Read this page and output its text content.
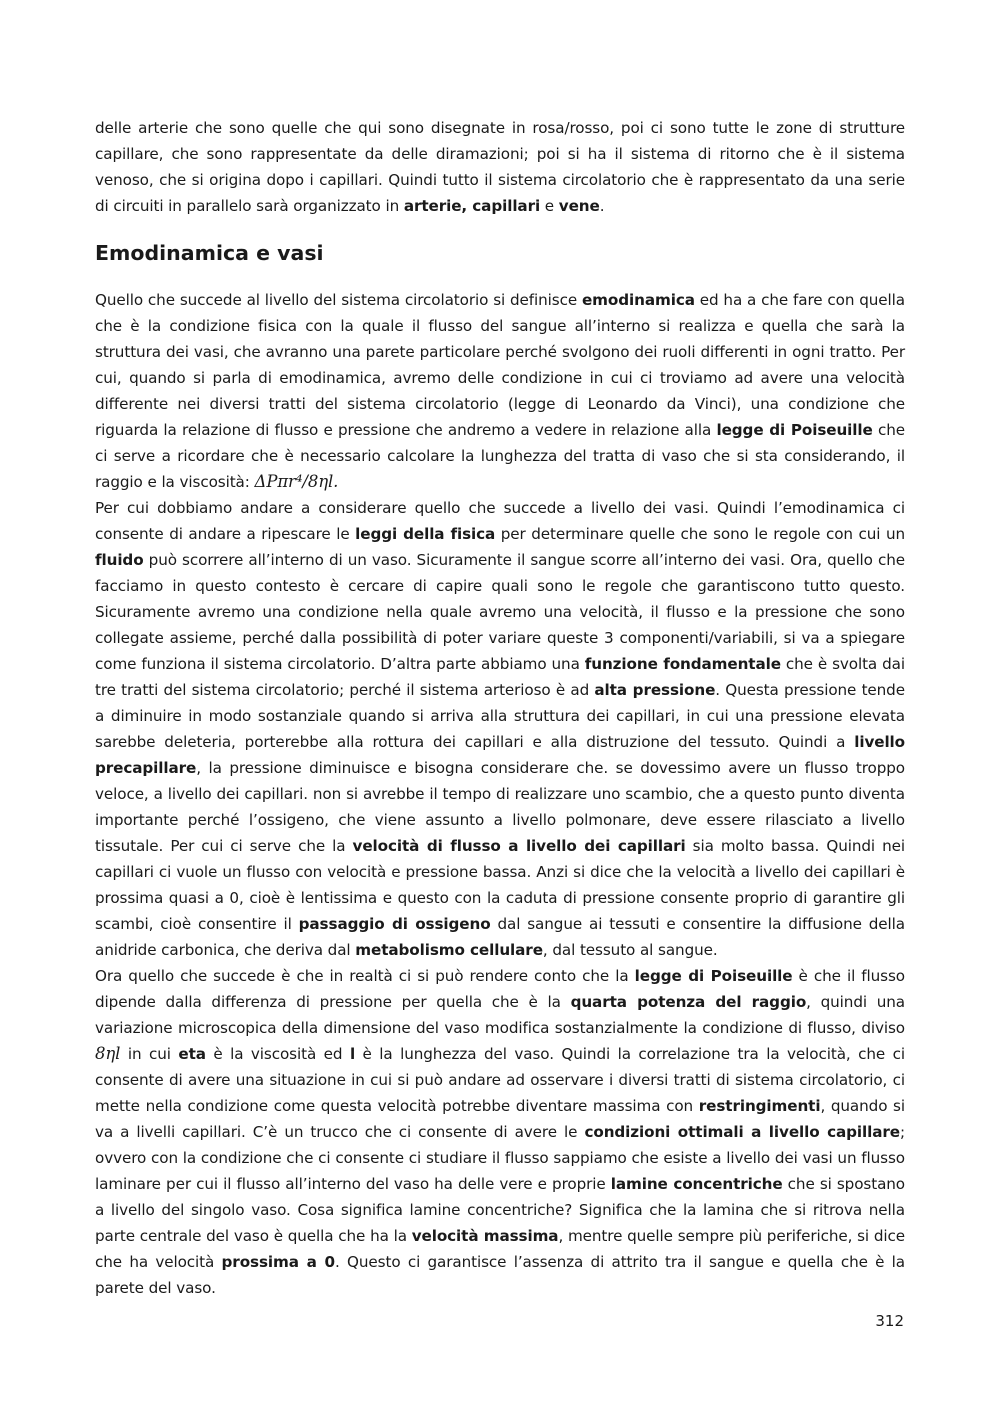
delle arterie che sono quelle che qui sono disegnate in rosa/rosso, poi ci sono tutte le zone di strutture capillare, che sono rappresentate da delle diramazioni; poi si ha il sistema di ritorno che è il sistema venoso, che si origina dopo i capillari. Quindi tutto il sistema circolatorio che è rappresentato da una serie di circuiti in parallelo sarà organizzato in arterie, capillari e vene.

Emodinamica e vasi

Quello che succede al livello del sistema circolatorio si definisce emodinamica ed ha a che fare con quella che è la condizione fisica con la quale il flusso del sangue all’interno si realizza e quella che sarà la struttura dei vasi, che avranno una parete particolare perché svolgono dei ruoli differenti in ogni tratto. Per cui, quando si parla di emodinamica, avremo delle condizione in cui ci troviamo ad avere una velocità differente nei diversi tratti del sistema circolatorio (legge di Leonardo da Vinci), una condizione che riguarda la relazione di flusso e pressione che andremo a vedere in relazione alla legge di Poiseuille che ci serve a ricordare che è necessario calcolare la lunghezza del tratta di vaso che si sta considerando, il raggio e la viscosità: ΔPπr⁴/8ηl.

Per cui dobbiamo andare a considerare quello che succede a livello dei vasi. Quindi l’emodinamica ci consente di andare a ripescare le leggi della fisica per determinare quelle che sono le regole con cui un fluido può scorrere all’interno di un vaso. Sicuramente il sangue scorre all’interno dei vasi. Ora, quello che facciamo in questo contesto è cercare di capire quali sono le regole che garantiscono tutto questo. Sicuramente avremo una condizione nella quale avremo una velocità, il flusso e la pressione che sono collegate assieme, perché dalla possibilità di poter variare queste 3 componenti/variabili, si va a spiegare come funziona il sistema circolatorio. D’altra parte abbiamo una funzione fondamentale che è svolta dai tre tratti del sistema circolatorio; perché il sistema arterioso è ad alta pressione. Questa pressione tende a diminuire in modo sostanziale quando si arriva alla struttura dei capillari, in cui una pressione elevata sarebbe deleteria, porterebbe alla rottura dei capillari e alla distruzione del tessuto. Quindi a livello precapillare, la pressione diminuisce e bisogna considerare che. se dovessimo avere un flusso troppo veloce, a livello dei capillari. non si avrebbe il tempo di realizzare uno scambio, che a questo punto diventa importante perché l’ossigeno, che viene assunto a livello polmonare, deve essere rilasciato a livello tissutale. Per cui ci serve che la velocità di flusso a livello dei capillari sia molto bassa. Quindi nei capillari ci vuole un flusso con velocità e pressione bassa. Anzi si dice che la velocità a livello dei capillari è prossima quasi a 0, cioè è lentissima e questo con la caduta di pressione consente proprio di garantire gli scambi, cioè consentire il passaggio di ossigeno dal sangue ai tessuti e consentire la diffusione della anidride carbonica, che deriva dal metabolismo cellulare, dal tessuto al sangue.

Ora quello che succede è che in realtà ci si può rendere conto che la legge di Poiseuille è che il flusso dipende dalla differenza di pressione per quella che è la quarta potenza del raggio, quindi una variazione microscopica della dimensione del vaso modifica sostanzialmente la condizione di flusso, diviso 8ηl in cui eta è la viscosità ed l è la lunghezza del vaso. Quindi la correlazione tra la velocità, che ci consente di avere una situazione in cui si può andare ad osservare i diversi tratti di sistema circolatorio, ci mette nella condizione come questa velocità potrebbe diventare massima con restringimenti, quando si va a livelli capillari. C’è un trucco che ci consente di avere le condizioni ottimali a livello capillare; ovvero con la condizione che ci consente ci studiare il flusso sappiamo che esiste a livello dei vasi un flusso laminare per cui il flusso all’interno del vaso ha delle vere e proprie lamine concentriche che si spostano a livello del singolo vaso. Cosa significa lamine concentriche? Significa che la lamina che si ritrova nella parte centrale del vaso è quella che ha la velocità massima, mentre quelle sempre più periferiche, si dice che ha velocità prossima a 0. Questo ci garantisce l’assenza di attrito tra il sangue e quella che è la parete del vaso.

312
